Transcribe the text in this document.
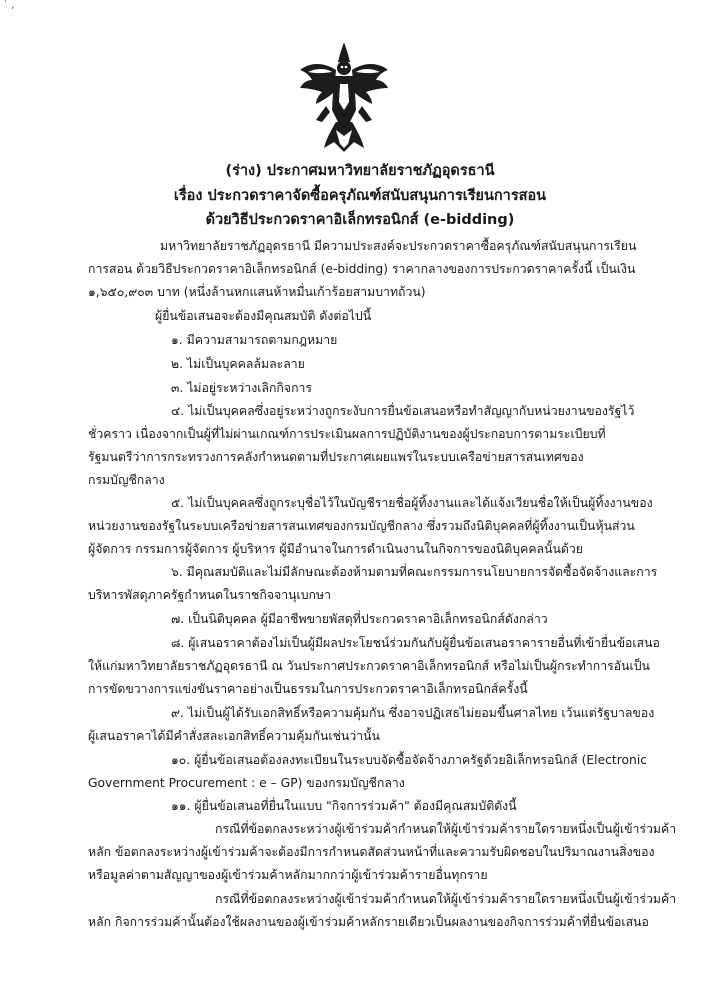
˙ ,
(ร่าง) ประกาศมหาวิทยาลัยราชภัฏอุดรธานี
เรื่อง ประกวดราคาจัดซื้อครุภัณฑ์สนับสนุนการเรียนการสอน
ด้วยวิธีประกวดราคาอิเล็กทรอนิกส์ (e-bidding)
มหาวิทยาลัยราชภัฏอุดรธานี มีความประสงค์จะประกวดราคาซื้อครุภัณฑ์สนับสนุนการเรียน
การสอน ด้วยวิธีประกวดราคาอิเล็กทรอนิกส์ (e-bidding) ราคากลางของการประกวดราคาครั้งนี้ เป็นเงิน
๑,๖๕๐,๙๐๓ บาท (หนึ่งล้านหกแสนห้าหมื่นเก้าร้อยสามบาทถ้วน)
ผู้ยื่นข้อเสนอจะต้องมีคุณสมบัติ ดังต่อไปนี้
๑. มีความสามารถตามกฎหมาย
๒. ไม่เป็นบุคคลล้มละลาย
๓. ไม่อยู่ระหว่างเลิกกิจการ
๔. ไม่เป็นบุคคลซึ่งอยู่ระหว่างถูกระงับการยื่นข้อเสนอหรือทำสัญญากับหน่วยงานของรัฐไว้
ชั่วคราว เนื่องจากเป็นผู้ที่ไม่ผ่านเกณฑ์การประเมินผลการปฏิบัติงานของผู้ประกอบการตามระเบียบที่
รัฐมนตรีว่าการกระทรวงการคลังกำหนดตามที่ประกาศเผยแพร่ในระบบเครือข่ายสารสนเทศของ
กรมบัญชีกลาง
๕. ไม่เป็นบุคคลซึ่งถูกระบุชื่อไว้ในบัญชีรายชื่อผู้ทิ้งงานและได้แจ้งเวียนชื่อให้เป็นผู้ทิ้งงานของ
หน่วยงานของรัฐในระบบเครือข่ายสารสนเทศของกรมบัญชีกลาง ซึ่งรวมถึงนิติบุคคลที่ผู้ทิ้งงานเป็นหุ้นส่วน
ผู้จัดการ กรรมการผู้จัดการ ผู้บริหาร ผู้มีอำนาจในการดำเนินงานในกิจการของนิติบุคคลนั้นด้วย
๖. มีคุณสมบัติและไม่มีลักษณะต้องห้ามตามที่คณะกรรมการนโยบายการจัดซื้อจัดจ้างและการ
บริหารพัสดุภาครัฐกำหนดในราชกิจจานุเบกษา
๗. เป็นนิติบุคคล ผู้มีอาชีพขายพัสดุที่ประกวดราคาอิเล็กทรอนิกส์ดังกล่าว
๘. ผู้เสนอราคาต้องไม่เป็นผู้มีผลประโยชน์ร่วมกันกับผู้ยื่นข้อเสนอราคารายอื่นที่เข้ายื่นข้อเสนอ
ให้แก่มหาวิทยาลัยราชภัฏอุดรธานี ณ วันประกาศประกวดราคาอิเล็กทรอนิกส์ หรือไม่เป็นผู้กระทำการอันเป็น
การขัดขวางการแข่งขันราคาอย่างเป็นธรรมในการประกวดราคาอิเล็กทรอนิกส์ครั้งนี้
๙. ไม่เป็นผู้ได้รับเอกสิทธิ์หรือความคุ้มกัน ซึ่งอาจปฏิเสธไม่ยอมขึ้นศาลไทย เว้นแต่รัฐบาลของ
ผู้เสนอราคาได้มีคำสั่งสละเอกสิทธิ์ความคุ้มกันเช่นว่านั้น
๑๐. ผู้ยื่นข้อเสนอต้องลงทะเบียนในระบบจัดซื้อจัดจ้างภาครัฐด้วยอิเล็กทรอนิกส์ (Electronic
Government Procurement : e – GP) ของกรมบัญชีกลาง
๑๑. ผู้ยื่นข้อเสนอที่ยื่นในแบบ "กิจการร่วมค้า" ต้องมีคุณสมบัติดังนี้
กรณีที่ข้อตกลงระหว่างผู้เข้าร่วมค้ากำหนดให้ผู้เข้าร่วมค้ารายใดรายหนึ่งเป็นผู้เข้าร่วมค้า
หลัก ข้อตกลงระหว่างผู้เข้าร่วมค้าจะต้องมีการกำหนดสัดส่วนหน้าที่และความรับผิดชอบในปริมาณงานสิ่งของ
หรือมูลค่าตามสัญญาของผู้เข้าร่วมค้าหลักมากกว่าผู้เข้าร่วมค้ารายอื่นทุกราย
กรณีที่ข้อตกลงระหว่างผู้เข้าร่วมค้ากำหนดให้ผู้เข้าร่วมค้ารายใดรายหนึ่งเป็นผู้เข้าร่วมค้า
หลัก กิจการร่วมค้านั้นต้องใช้ผลงานของผู้เข้าร่วมค้าหลักรายเดียวเป็นผลงานของกิจการร่วมค้าที่ยื่นข้อเสนอ
